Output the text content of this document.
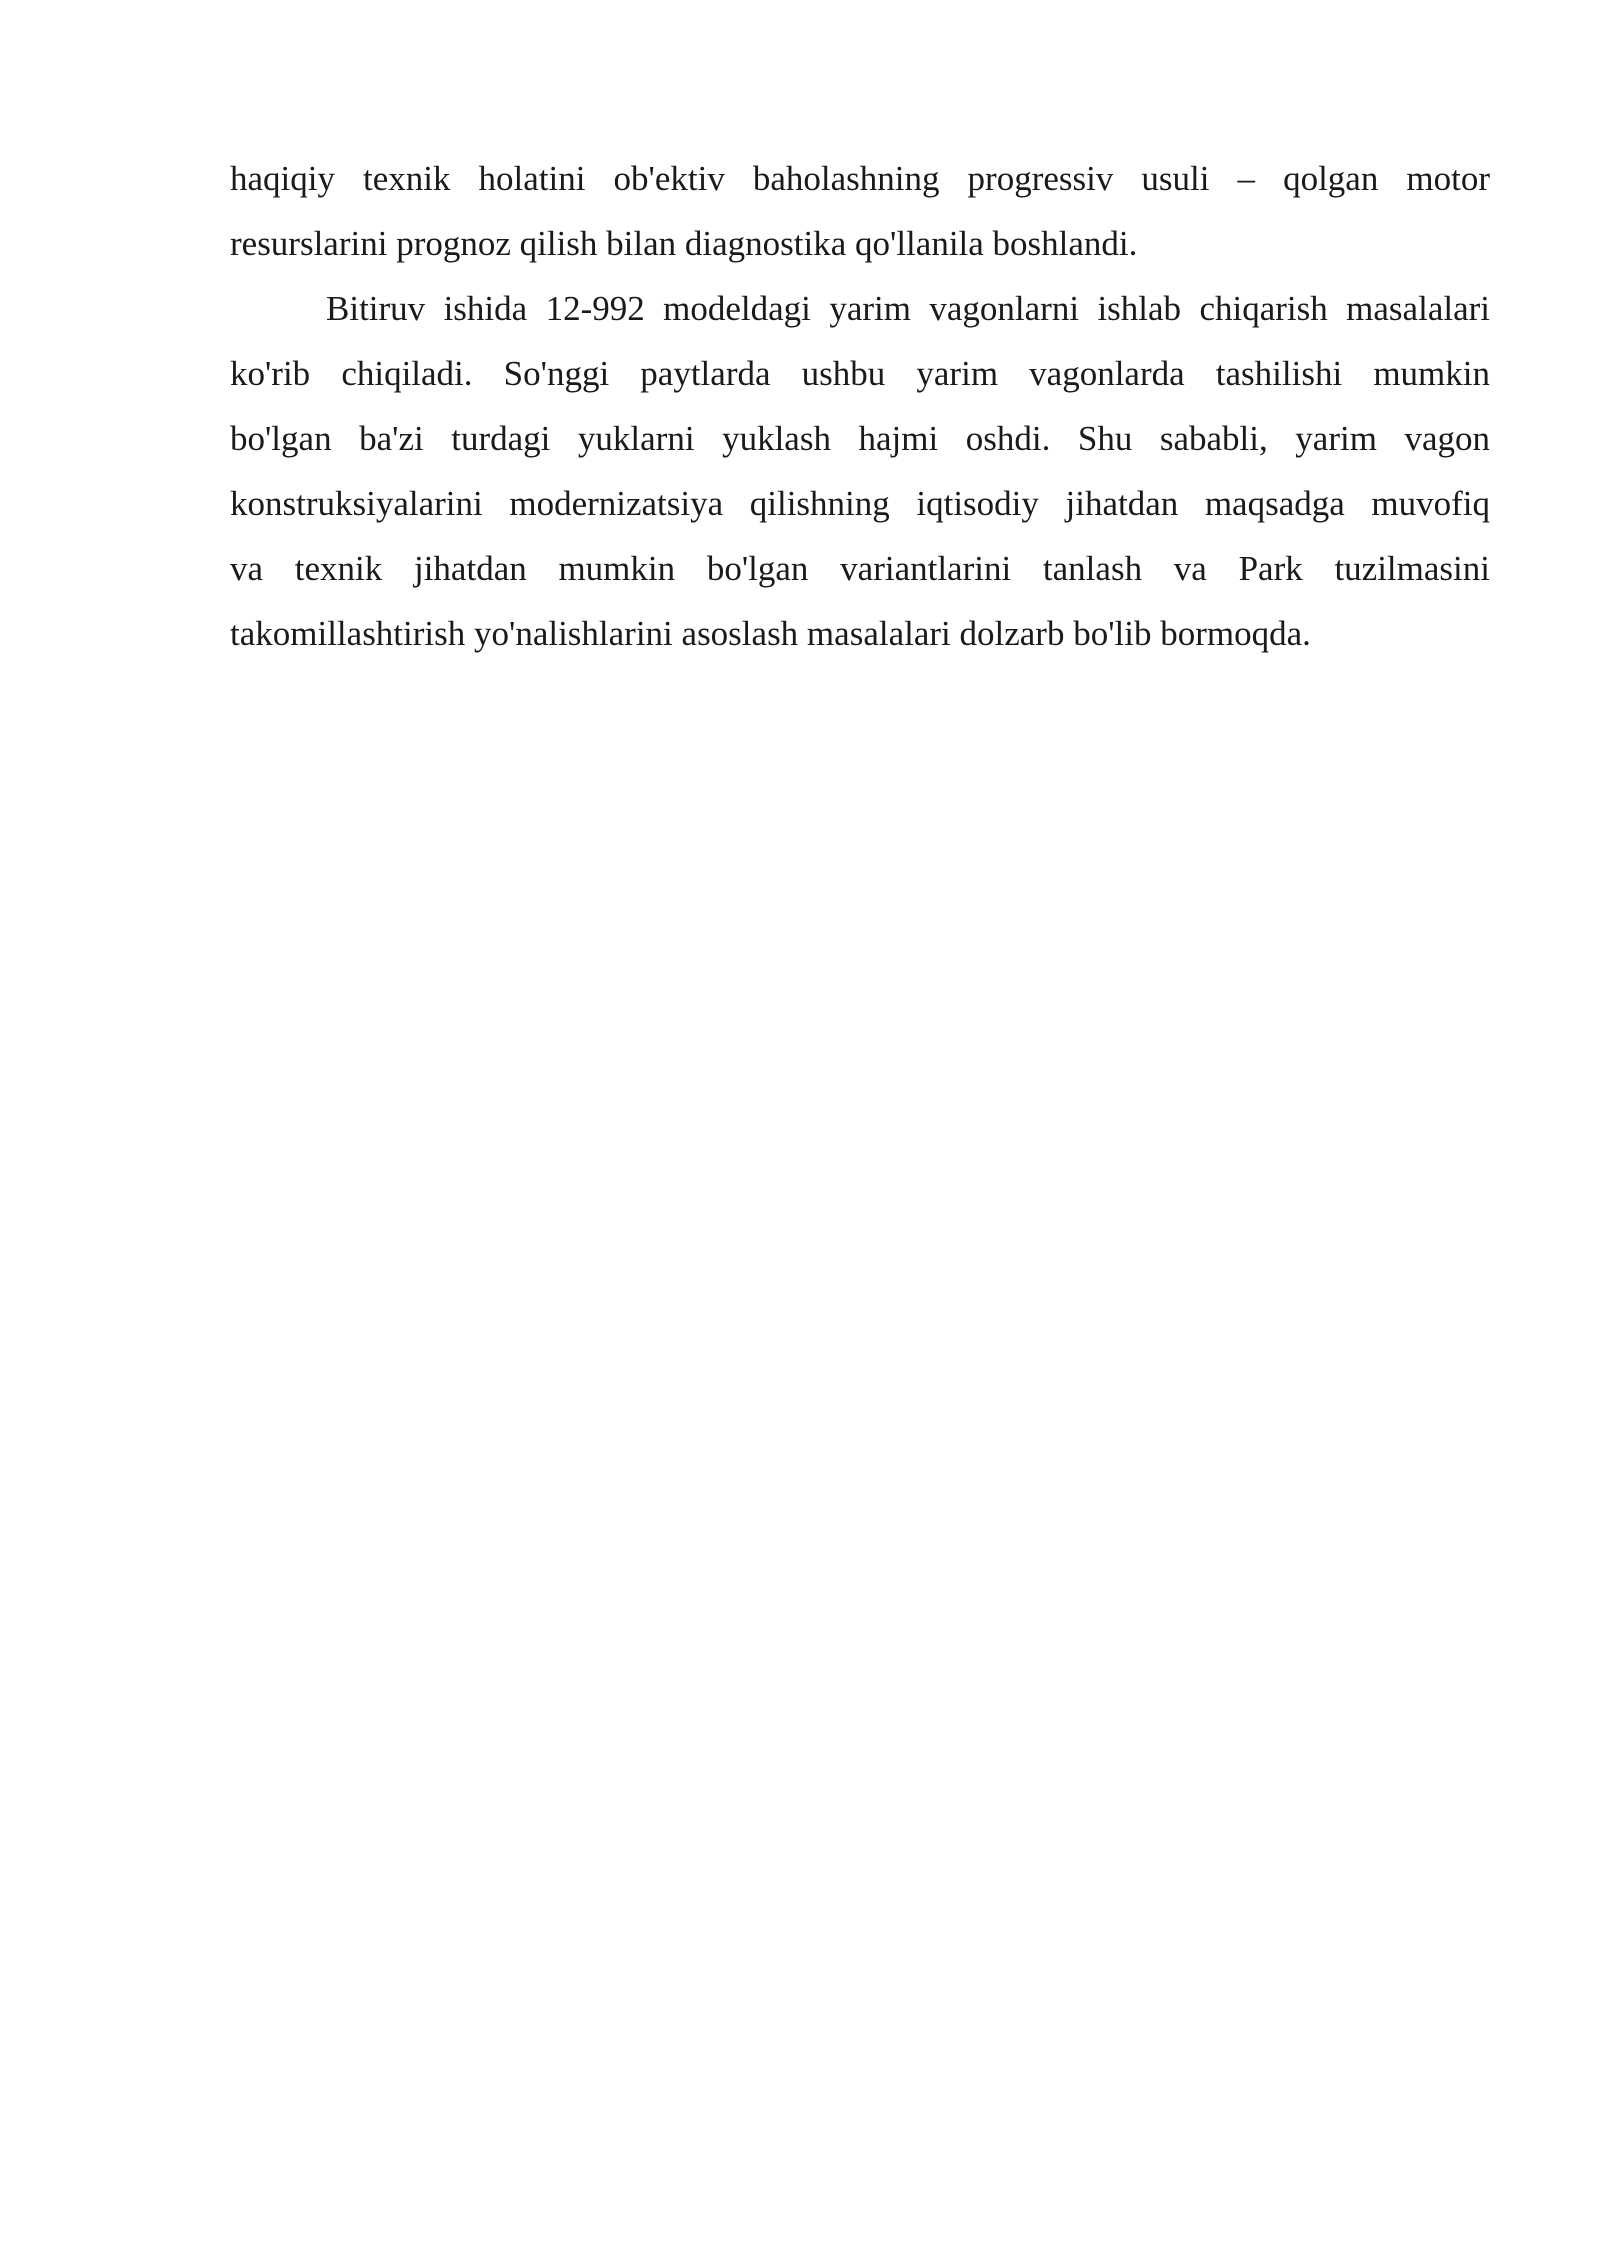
haqiqiy texnik holatini ob'ektiv baholashning progressiv usuli – qolgan motor
resurslarini prognoz qilish bilan diagnostika qo'llanila boshlandi.
Bitiruv ishida 12-992 modeldagi yarim vagonlarni ishlab chiqarish masalalari
ko'rib chiqiladi. So'nggi paytlarda ushbu yarim vagonlarda tashilishi mumkin
bo'lgan ba'zi turdagi yuklarni yuklash hajmi oshdi. Shu sababli, yarim vagon
konstruksiyalarini modernizatsiya qilishning iqtisodiy jihatdan maqsadga muvofiq
va texnik jihatdan mumkin bo'lgan variantlarini tanlash va Park tuzilmasini
takomillashtirish yo'nalishlarini asoslash masalalari dolzarb bo'lib bormoqda.
